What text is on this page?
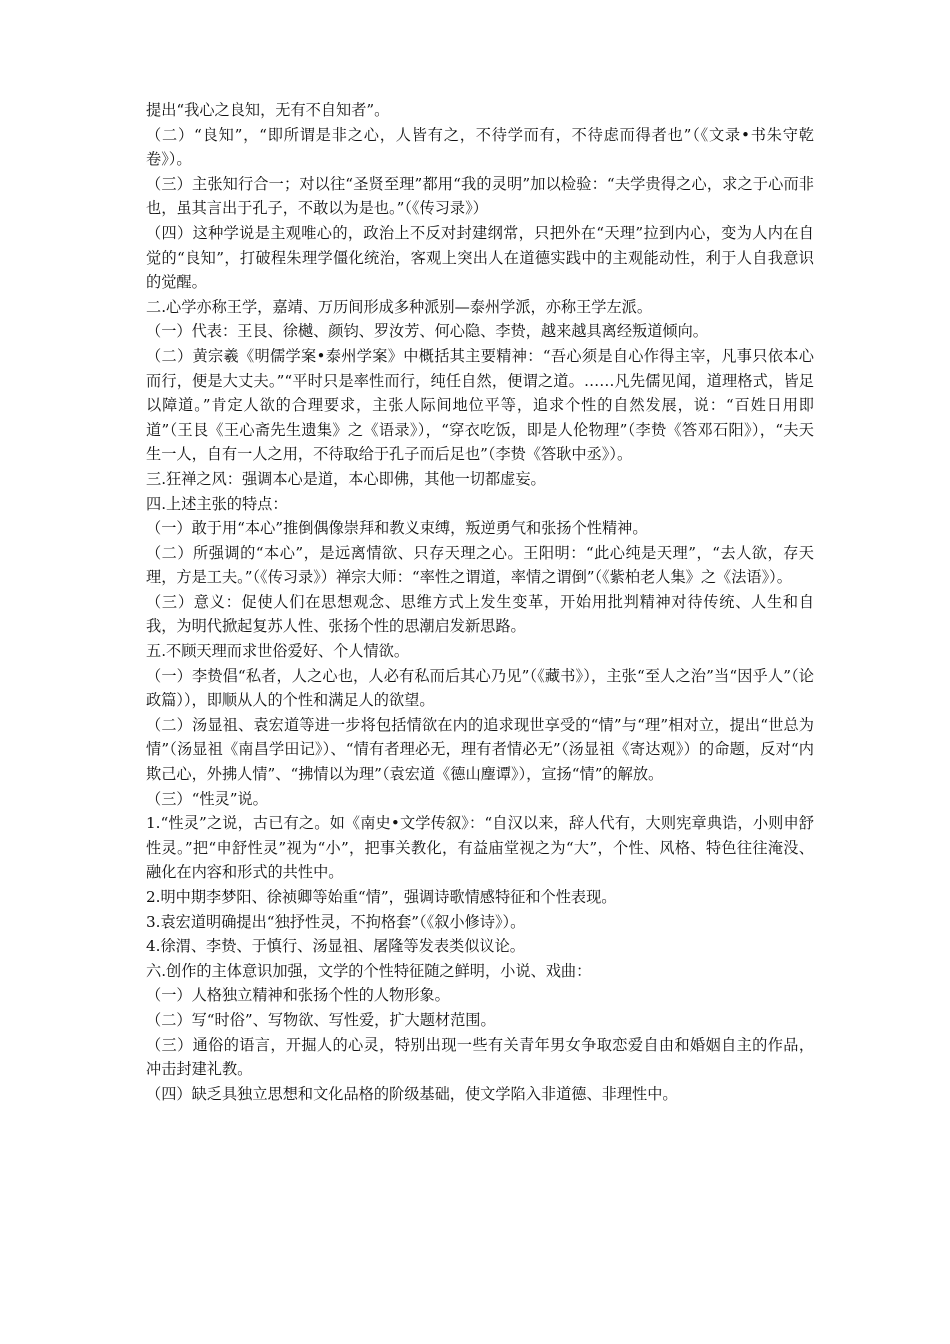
提出“我心之良知，无有不自知者”。

（二）“良知”，“即所谓是非之心，人皆有之，不待学而有，不待虑而得者也”（《文录•书朱守乾卷》）。

（三）主张知行合一；对以往“圣贤至理”都用“我的灵明”加以检验：“夫学贵得之心，求之于心而非也，虽其言出于孔子，不敢以为是也。”（《传习录》）

（四）这种学说是主观唯心的，政治上不反对封建纲常，只把外在“天理”拉到内心，变为人内在自觉的“良知”，打破程朱理学僵化统治，客观上突出人在道德实践中的主观能动性，利于人自我意识的觉醒。

二.心学亦称王学，嘉靖、万历间形成多种派别—泰州学派，亦称王学左派。

（一）代表：王艮、徐樾、颜钧、罗汝芳、何心隐、李贽，越来越具离经叛道倾向。

（二）黄宗羲《明儒学案•泰州学案》中概括其主要精神：“吾心须是自心作得主宰，凡事只依本心而行，便是大丈夫。”“平时只是率性而行，纯任自然，便谓之道。……凡先儒见闻，道理格式，皆足以障道。”肯定人欲的合理要求，主张人际间地位平等，追求个性的自然发展，说：“百姓日用即道”（王艮《王心斋先生遗集》之《语录》），“穿衣吃饭，即是人伦物理”（李贽《答邓石阳》），“夫天生一人，自有一人之用，不待取给于孔子而后足也”（李贽《答耿中丞》）。

三.狂禅之风：强调本心是道，本心即佛，其他一切都虚妄。

四.上述主张的特点：

（一）敢于用“本心”推倒偶像崇拜和教义束缚，叛逆勇气和张扬个性精神。

（二）所强调的“本心”，是远离情欲、只存天理之心。王阳明：“此心纯是天理”，“去人欲，存天理，方是工夫。”（《传习录》）禅宗大师：“率性之谓道，率情之谓倒”（《紫柏老人集》之《法语》）。

（三）意义：促使人们在思想观念、思维方式上发生变革，开始用批判精神对待传统、人生和自我，为明代掀起复苏人性、张扬个性的思潮启发新思路。

五.不顾天理而求世俗爱好、个人情欲。

（一）李贽倡“私者，人之心也，人必有私而后其心乃见”（《藏书》），主张“至人之治”当“因乎人”（论政篇）），即顺从人的个性和满足人的欲望。

（二）汤显祖、袁宏道等进一步将包括情欲在内的追求现世享受的“情”与“理”相对立，提出“世总为情”（汤显祖《南昌学田记》）、“情有者理必无，理有者情必无”（汤显祖《寄达观》）的命题，反对“内欺己心，外拂人情”、“拂情以为理”（袁宏道《德山麈谭》），宣扬“情”的解放。

（三）“性灵”说。

1.“性灵”之说，古已有之。如《南史•文学传叙》：“自汉以来，辞人代有，大则宪章典诰，小则申舒性灵。”把“申舒性灵”视为“小”，把事关教化，有益庙堂视之为“大”，个性、风格、特色往往淹没、融化在内容和形式的共性中。

2.明中期李梦阳、徐祯卿等始重“情”，强调诗歌情感特征和个性表现。

3.袁宏道明确提出“独抒性灵，不拘格套”（《叙小修诗》）。

4.徐渭、李贽、于慎行、汤显祖、屠隆等发表类似议论。

六.创作的主体意识加强，文学的个性特征随之鲜明，小说、戏曲：

（一）人格独立精神和张扬个性的人物形象。

（二）写“时俗”、写物欲、写性爱，扩大题材范围。

（三）通俗的语言，开掘人的心灵，特别出现一些有关青年男女争取恋爱自由和婚姻自主的作品，冲击封建礼教。

（四）缺乏具独立思想和文化品格的阶级基础，使文学陷入非道德、非理性中。
